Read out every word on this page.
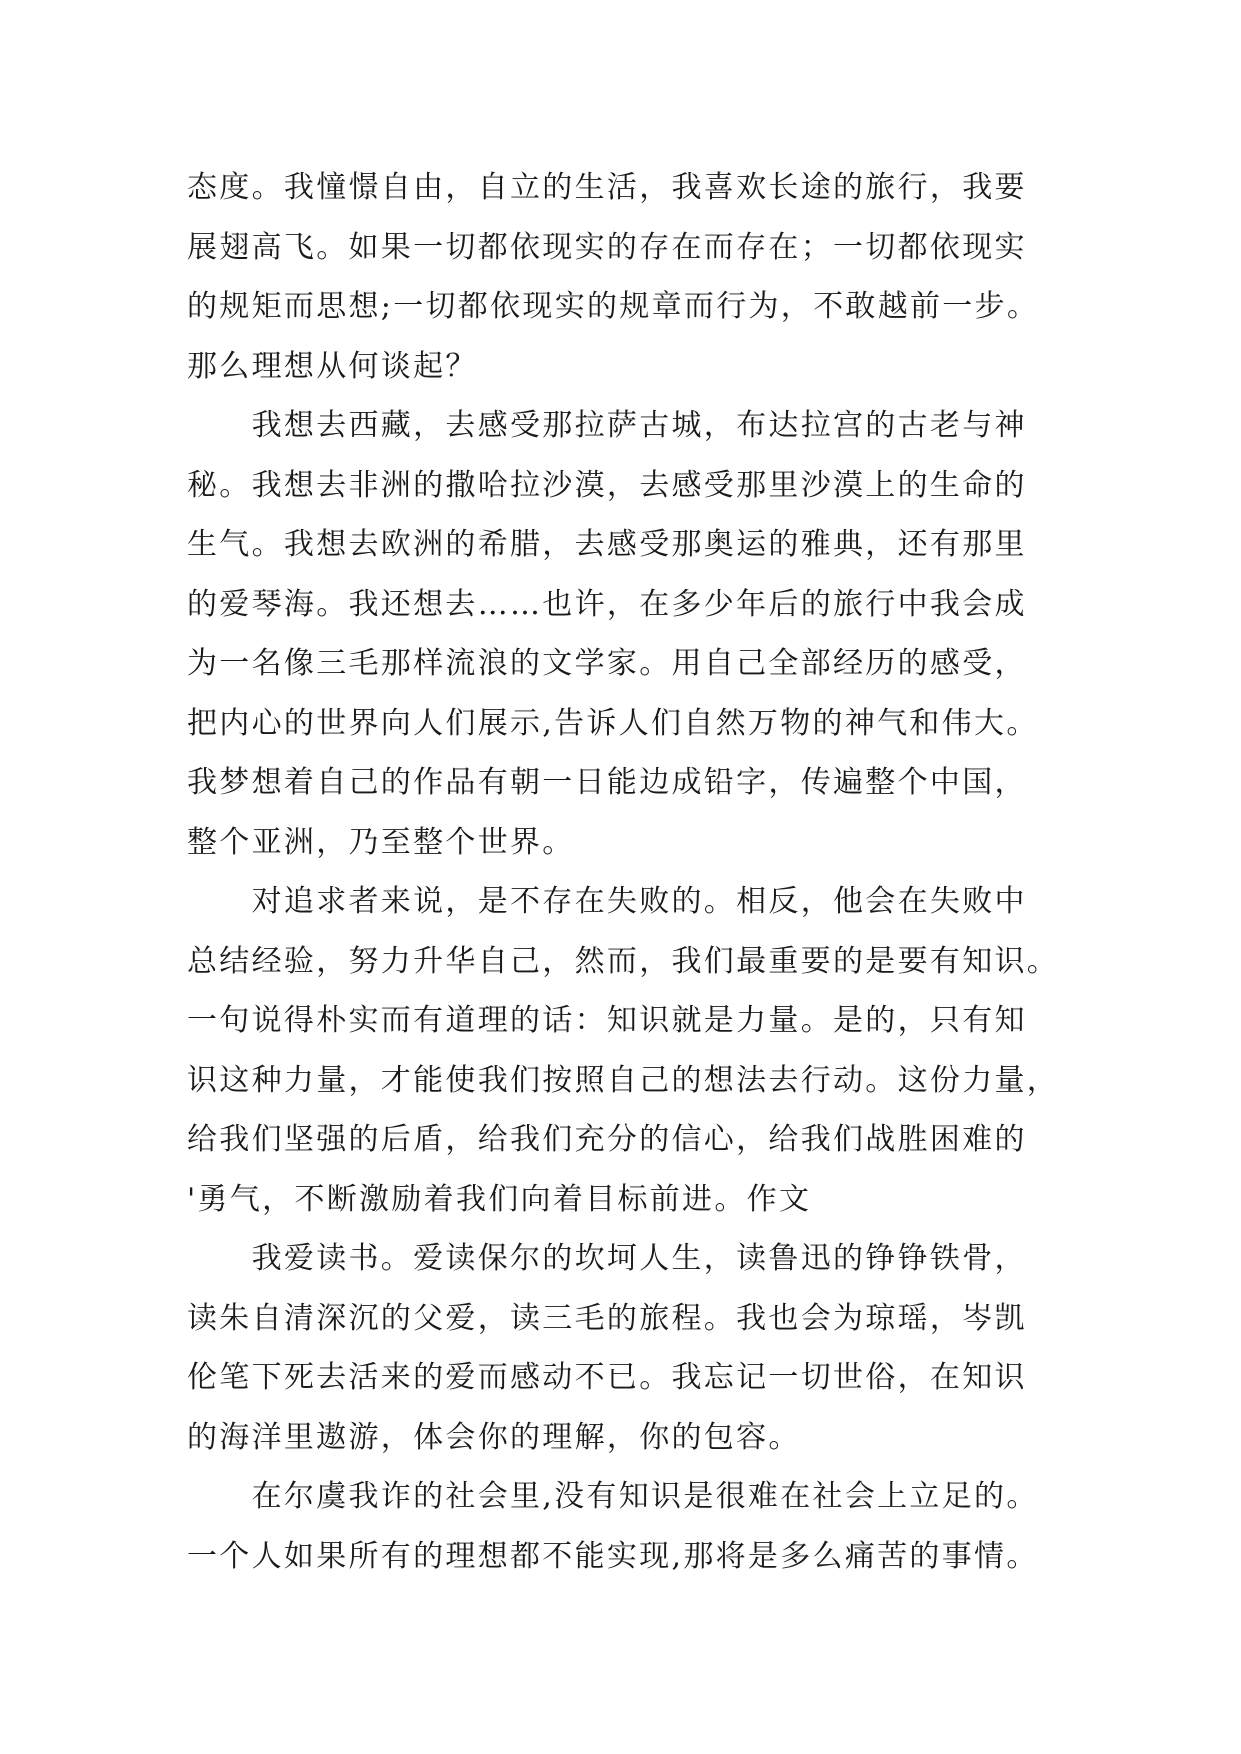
态度。我憧憬自由，自立的生活，我喜欢长途的旅行，我要
展翅高飞。如果一切都依现实的存在而存在；一切都依现实
的规矩而思想;一切都依现实的规章而行为，不敢越前一步。
那么理想从何谈起？
　　我想去西藏，去感受那拉萨古城，布达拉宫的古老与神
秘。我想去非洲的撒哈拉沙漠，去感受那里沙漠上的生命的
生气。我想去欧洲的希腊，去感受那奥运的雅典，还有那里
的爱琴海。我还想去……也许，在多少年后的旅行中我会成
为一名像三毛那样流浪的文学家。用自己全部经历的感受，
把内心的世界向人们展示,告诉人们自然万物的神气和伟大。
我梦想着自己的作品有朝一日能边成铅字，传遍整个中国，
整个亚洲，乃至整个世界。
　　对追求者来说，是不存在失败的。相反，他会在失败中
总结经验，努力升华自己，然而，我们最重要的是要有知识。
一句说得朴实而有道理的话：知识就是力量。是的，只有知
识这种力量，才能使我们按照自己的想法去行动。这份力量，
给我们坚强的后盾，给我们充分的信心，给我们战胜困难的
'勇气，不断激励着我们向着目标前进。作文
　　我爱读书。爱读保尔的坎坷人生，读鲁迅的铮铮铁骨，
读朱自清深沉的父爱，读三毛的旅程。我也会为琼瑶，岑凯
伦笔下死去活来的爱而感动不已。我忘记一切世俗，在知识
的海洋里遨游，体会你的理解，你的包容。
　　在尔虞我诈的社会里,没有知识是很难在社会上立足的。
一个人如果所有的理想都不能实现,那将是多么痛苦的事情。
